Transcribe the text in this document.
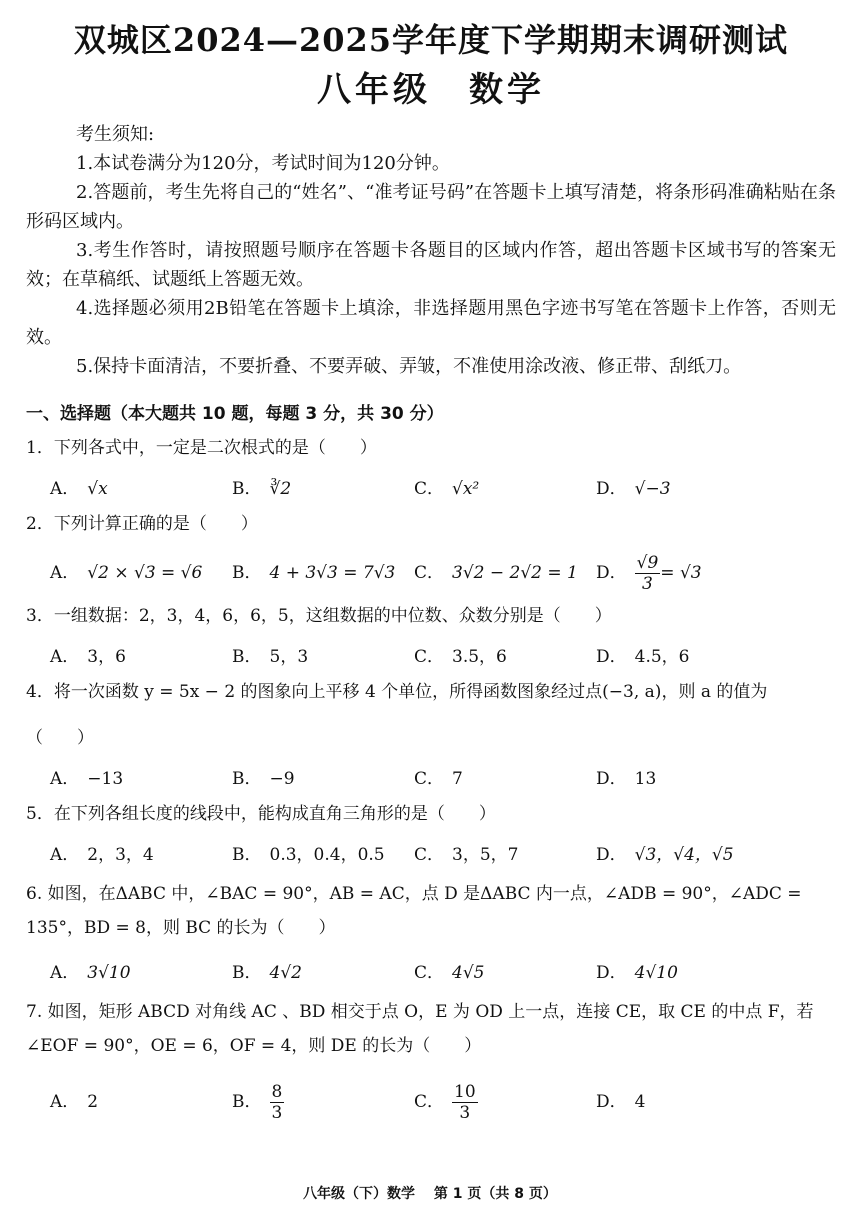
双城区2024—2025学年度下学期期末调研测试
八年级　数学
考生须知:
1.本试卷满分为120分，考试时间为120分钟。
2.答题前，考生先将自己的“姓名”、“准考证号码”在答题卡上填写清楚，将条形码准确粘贴在条形码区域内。
3.考生作答时，请按照题号顺序在答题卡各题目的区域内作答，超出答题卡区域书写的答案无效；在草稿纸、试题纸上答题无效。
4.选择题必须用2B铅笔在答题卡上填涂，非选择题用黑色字迹书写笔在答题卡上作答，否则无效。
5.保持卡面清洁，不要折叠、不要弄破、弄皱，不准使用涂改液、修正带、刮纸刀。
一、选择题（本大题共 10 题，每题 3 分，共 30 分）
1．下列各式中，一定是二次根式的是（　　）
A． √x	B． ∛2	C． √x²	D． √−3
2．下列计算正确的是（　　）
A． √2 × √3 = √6 B． 4 + 3√3 = 7√3 C． 3√2 − 2√2 = 1 D． $\frac{√9}{3} = √3$
3．一组数据：2，3，4，6，6，5，这组数据的中位数、众数分别是（　　）
A． 3，6	B． 5，3	C． 3.5，6	D． 4.5，6
4．将一次函数 y = 5x − 2 的图象向上平移 4 个单位，所得函数图象经过点(−3, a)，则 a 的值为
（　　）
A． −13	B． −9	C． 7	D． 13
5．在下列各组长度的线段中，能构成直角三角形的是（　　）
A． 2，3，4	B． 0.3，0.4，0.5 C． 3，5，7	D． √3，√4，√5
6. 如图，在ΔABC 中，∠BAC = 90°，AB = AC，点 D 是ΔABC 内一点，∠ADB = 90°，∠ADC = 135°，BD = 8，则 BC 的长为（　　）
A． 3√10	B． 4√2	C． 4√5	D． 4√10
7. 如图，矩形 ABCD 对角线 AC 、BD 相交于点 O，E 为 OD 上一点，连接 CE，取 CE 的中点 F，若∠EOF = 90°，OE = 6，OF = 4，则 DE 的长为（　　）
A． 2	B． $\frac{8}{3}$	C． $\frac{10}{3}$	D． 4
八年级（下）数学　 第 1 页（共 8 页）
